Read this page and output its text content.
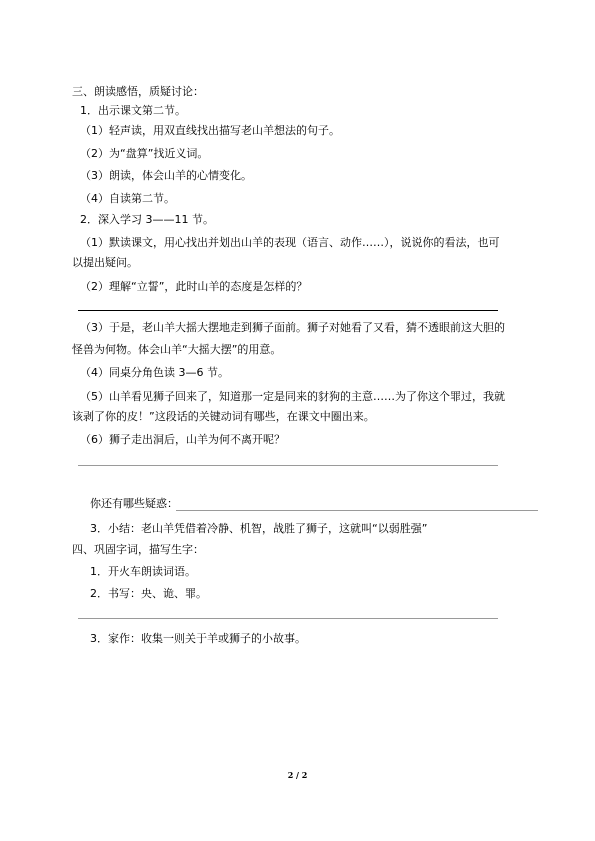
三、朗读感悟，质疑讨论：
1．出示课文第二节。
（1）轻声读，用双直线找出描写老山羊想法的句子。
（2）为“盘算”找近义词。
（3）朗读，体会山羊的心情变化。
（4）自读第二节。
2．深入学习 3——11 节。
（1）默读课文，用心找出并划出山羊的表现（语言、动作……），说说你的看法，也可
以提出疑问。
（2）理解“立誓”，此时山羊的态度是怎样的？
（3）于是，老山羊大摇大摆地走到狮子面前。狮子对她看了又看，猜不透眼前这大胆的
怪兽为何物。体会山羊“大摇大摆”的用意。
（4）同桌分角色读 3—6 节。
（5）山羊看见狮子回来了，知道那一定是同来的豺狗的主意……为了你这个罪过，我就
该剥了你的皮！”这段话的关键动词有哪些，在课文中圈出来。
（6）狮子走出洞后，山羊为何不离开呢？
你还有哪些疑惑：
3．小结：老山羊凭借着冷静、机智，战胜了狮子，这就叫“以弱胜强”
四、巩固字词，描写生字：
1．开火车朗读词语。
2．书写：央、诡、罪。
3．家作：收集一则关于羊或狮子的小故事。
2 / 2
